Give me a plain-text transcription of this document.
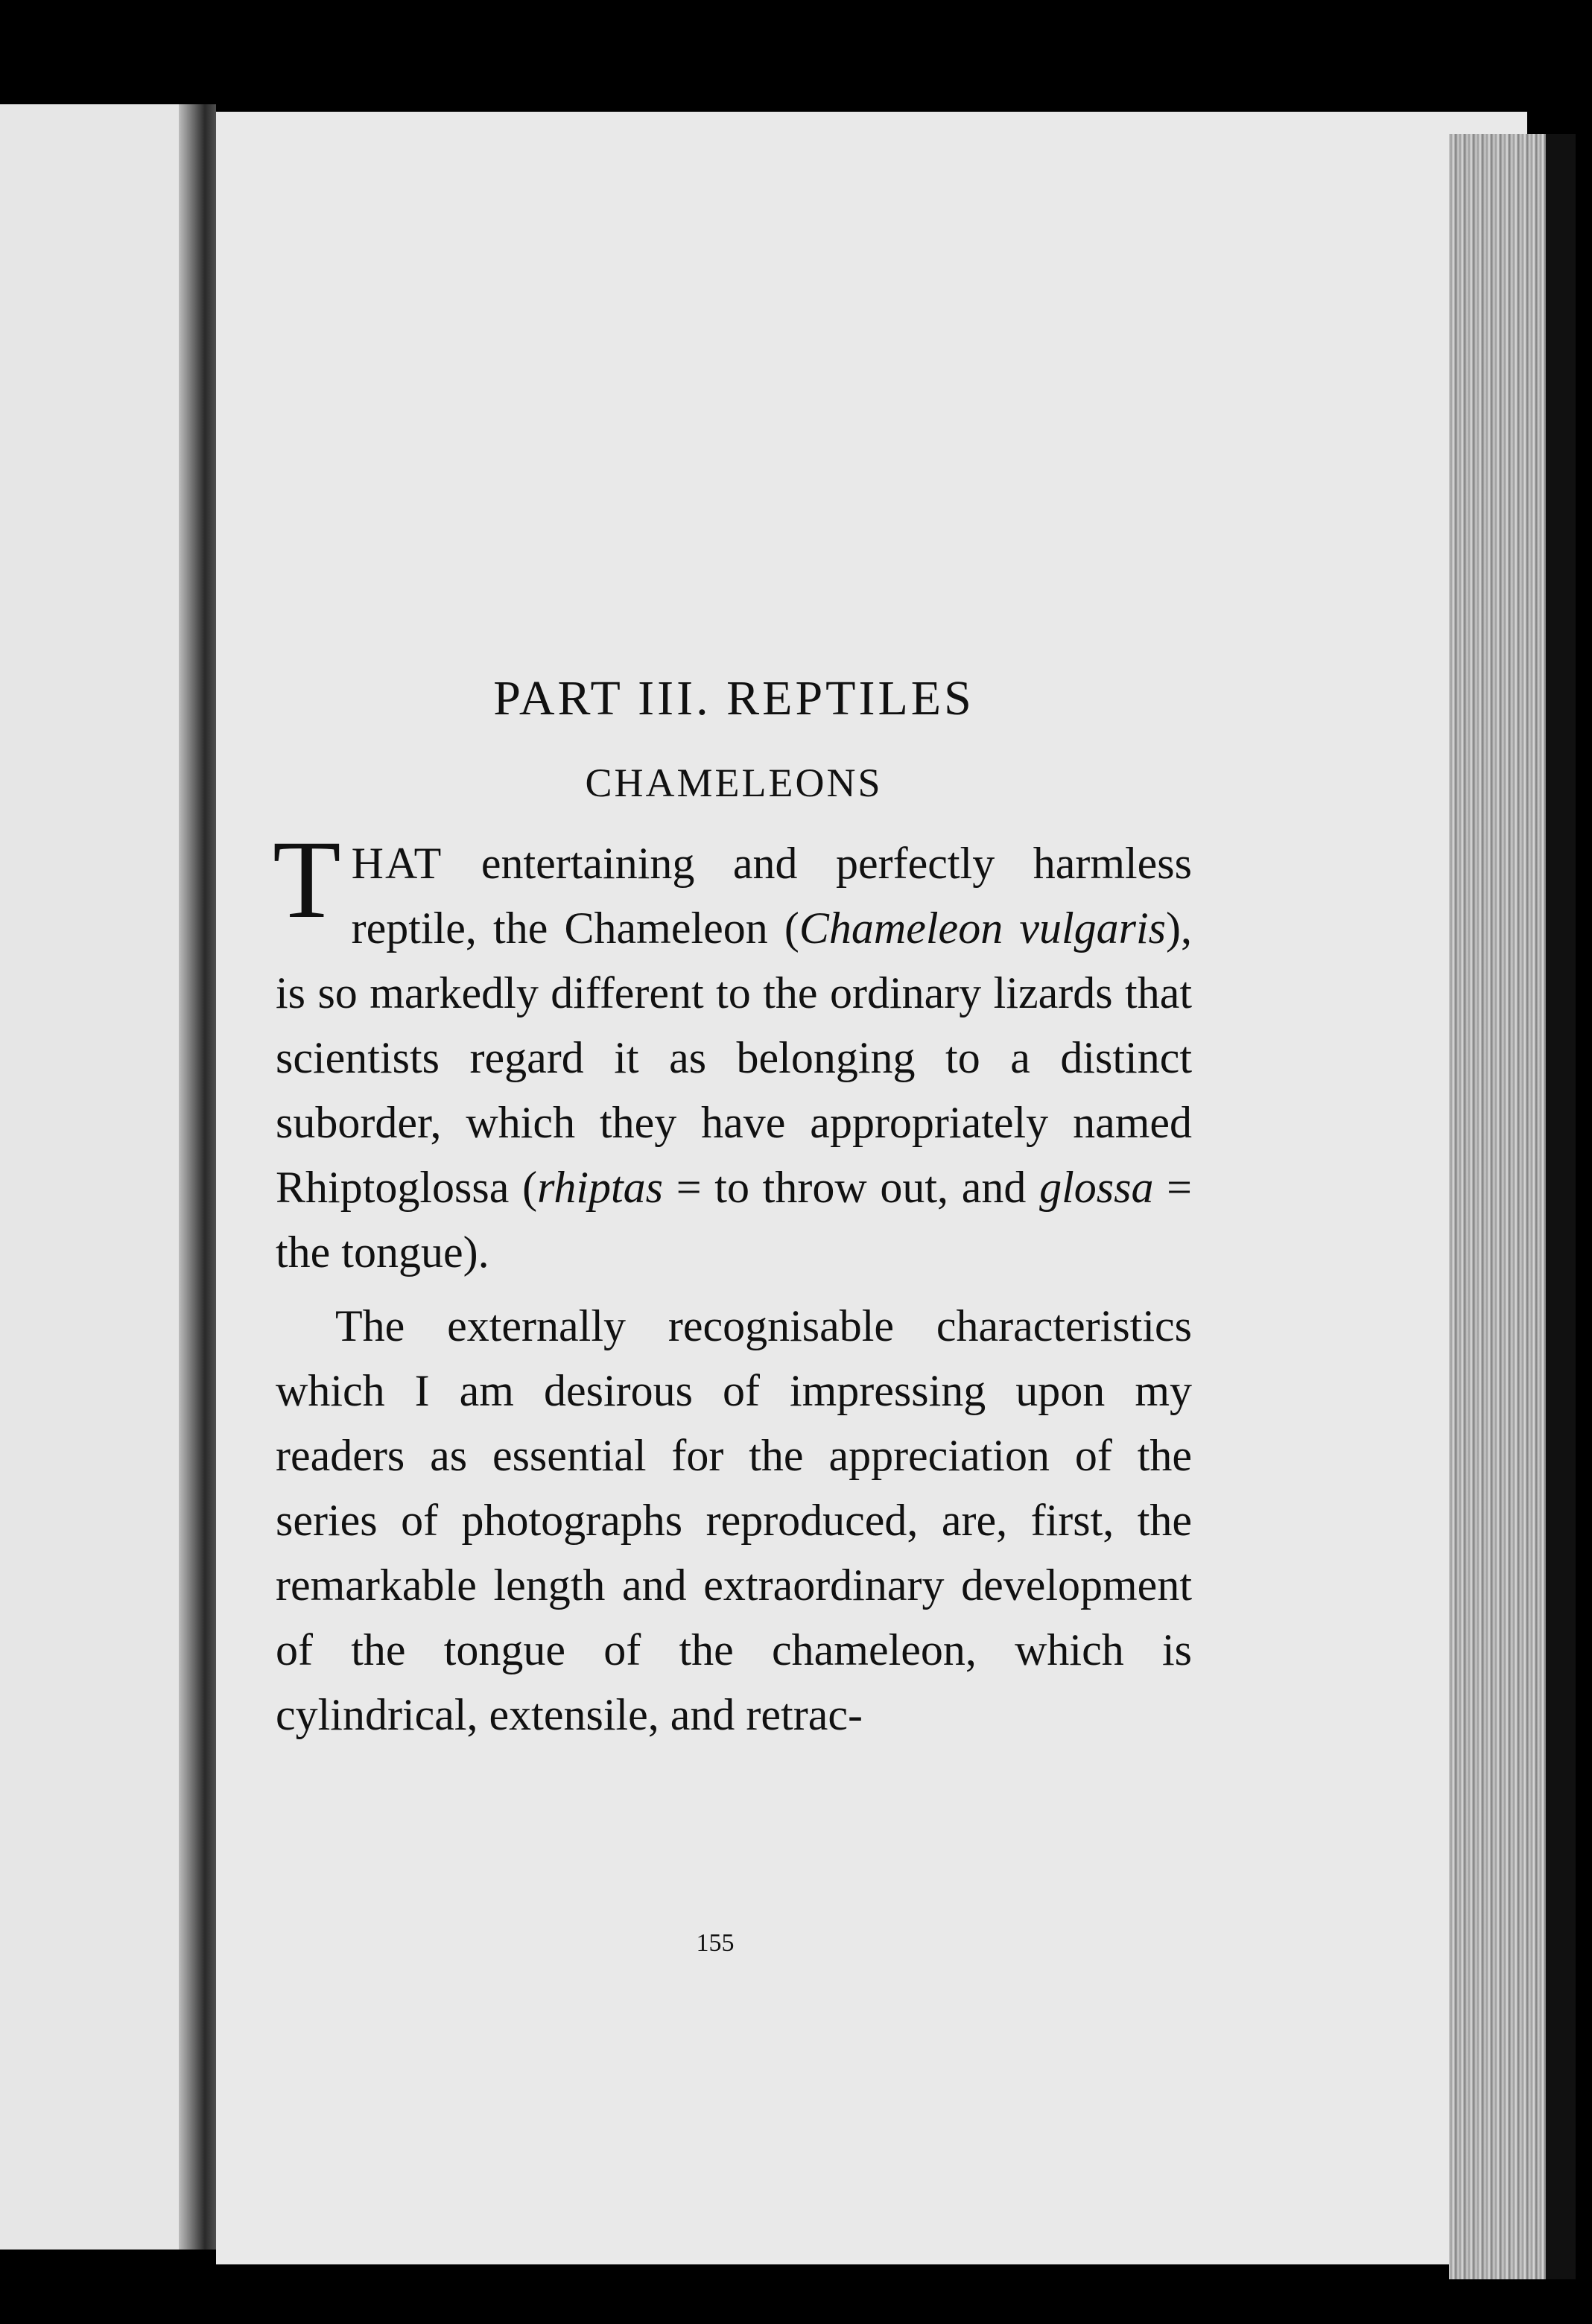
PART III. REPTILES
CHAMELEONS

THAT entertaining and perfectly harmless reptile, the Chameleon (Chameleon vulgaris), is so markedly different to the ordinary lizards that scientists regard it as belonging to a distinct suborder, which they have appropriately named Rhiptoglossa (rhiptas = to throw out, and glossa = the tongue).

The externally recognisable characteristics which I am desirous of impressing upon my readers as essential for the appreciation of the series of photographs reproduced, are, first, the remarkable length and extraordinary development of the tongue of the chameleon, which is cylindrical, extensile, and retrac-

155
